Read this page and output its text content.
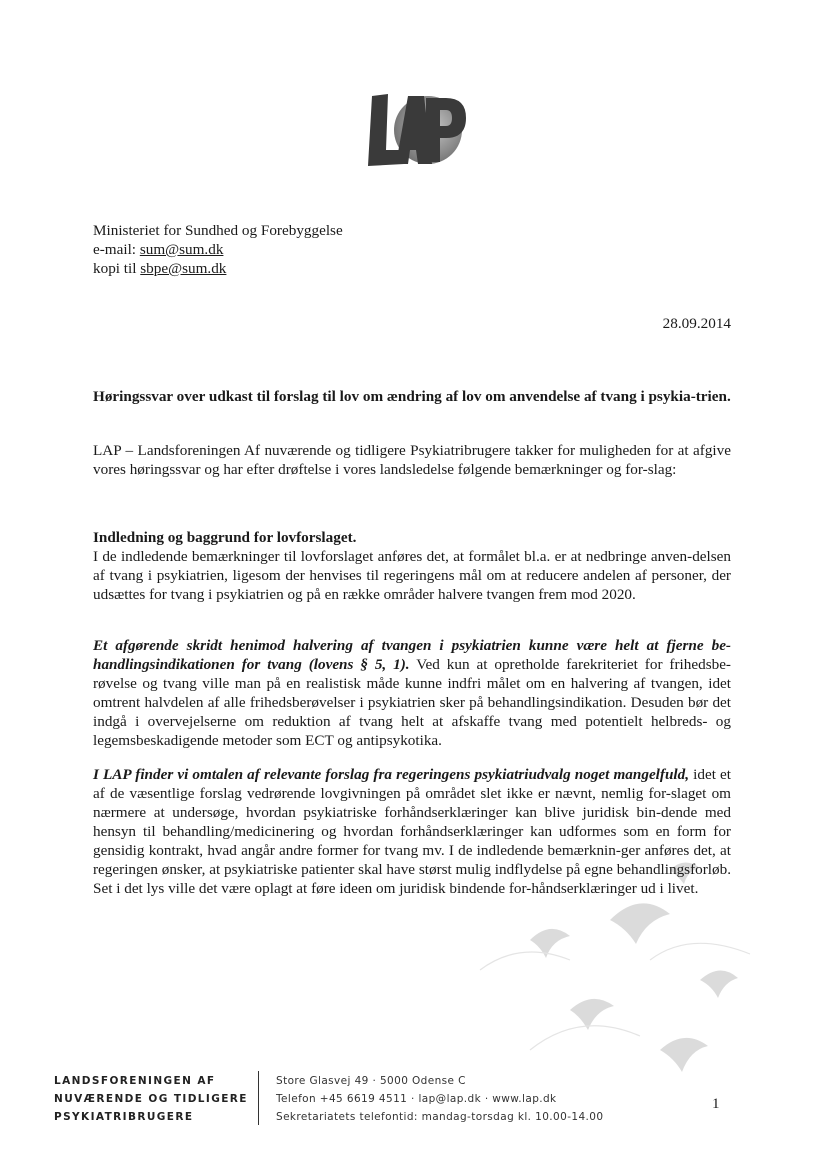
Ministeriet for Sundhed og Forebyggelse
e-mail: sum@sum.dk
kopi til sbpe@sum.dk
28.09.2014

Høringssvar over udkast til forslag til lov om ændring af lov om anvendelse af tvang i psykia-trien.

LAP – Landsforeningen Af nuværende og tidligere Psykiatribrugere takker for muligheden for at afgive vores høringssvar og har efter drøftelse i vores landsledelse følgende bemærkninger og for-slag:

Indledning og baggrund for lovforslaget.

I de indledende bemærkninger til lovforslaget anføres det, at formålet bl.a. er at nedbringe anven-delsen af tvang i psykiatrien, ligesom der henvises til regeringens mål om at reducere andelen af personer, der udsættes for tvang i psykiatrien og på en række områder halvere tvangen frem mod 2020.

Et afgørende skridt henimod halvering af tvangen i psykiatrien kunne være helt at fjerne be-handlingsindikationen for tvang (lovens § 5, 1). Ved kun at opretholde farekriteriet for frihedsbe-røvelse og tvang ville man på en realistisk måde kunne indfri målet om en halvering af tvangen, idet omtrent halvdelen af alle frihedsberøvelser i psykiatrien sker på behandlingsindikation. Desuden bør det indgå i overvejelserne om reduktion af tvang helt at afskaffe tvang med potentielt helbreds- og legemsbeskadigende metoder som ECT og antipsykotika.

I LAP finder vi omtalen af relevante forslag fra regeringens psykiatriudvalg noget mangelfuld, idet et af de væsentlige forslag vedrørende lovgivningen på området slet ikke er nævnt, nemlig for-slaget om nærmere at undersøge, hvordan psykiatriske forhåndserklæringer kan blive juridisk bin-dende med hensyn til behandling/medicinering og hvordan forhåndserklæringer kan udformes som en form for gensidig kontrakt, hvad angår andre former for tvang mv. I de indledende bemærknin-ger anføres det, at regeringen ønsker, at psykiatriske patienter skal have størst mulig indflydelse på egne behandlingsforløb. Set i det lys ville det være oplagt at føre ideen om juridisk bindende for-håndserklæringer ud i livet.

LANDSFORENINGEN AF
NUVÆRENDE OG TIDLIGERE
PSYKIATRIBRUGERE
Store Glasvej 49 · 5000 Odense C
Telefon +45 6619 4511 · lap@lap.dk · www.lap.dk
Sekretariatets telefontid: mandag-torsdag kl. 10.00-14.00
1
